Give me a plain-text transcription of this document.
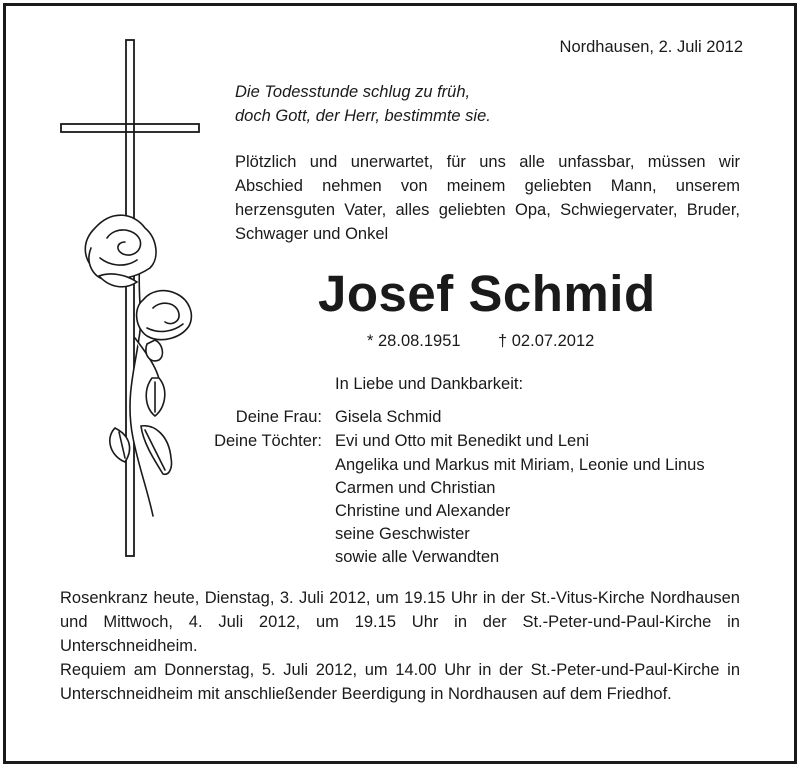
Nordhausen, 2. Juli 2012
Die Todesstunde schlug zu früh,
doch Gott, der Herr, bestimmte sie.
Plötzlich und unerwartet, für uns alle unfassbar, müssen wir Abschied nehmen von meinem geliebten Mann, unserem herzensguten Vater, alles geliebten Opa, Schwiegervater, Bruder, Schwager und Onkel
Josef Schmid
* 28.08.1951 † 02.07.2012
In Liebe und Dankbarkeit:
Deine Frau: Gisela Schmid
Deine Töchter: Evi und Otto mit Benedikt und Leni
Angelika und Markus mit Miriam, Leonie und Linus
Carmen und Christian
Christine und Alexander
seine Geschwister
sowie alle Verwandten

Rosenkranz heute, Dienstag, 3. Juli 2012, um 19.15 Uhr in der St.-Vitus-Kirche Nordhausen und Mittwoch, 4. Juli 2012, um 19.15 Uhr in der St.-Peter-und-Paul-Kirche in Unterschneidheim.

Requiem am Donnerstag, 5. Juli 2012, um 14.00 Uhr in der St.-Peter-und-Paul-Kirche in Unterschneidheim mit anschließender Beerdigung in Nordhausen auf dem Friedhof.
